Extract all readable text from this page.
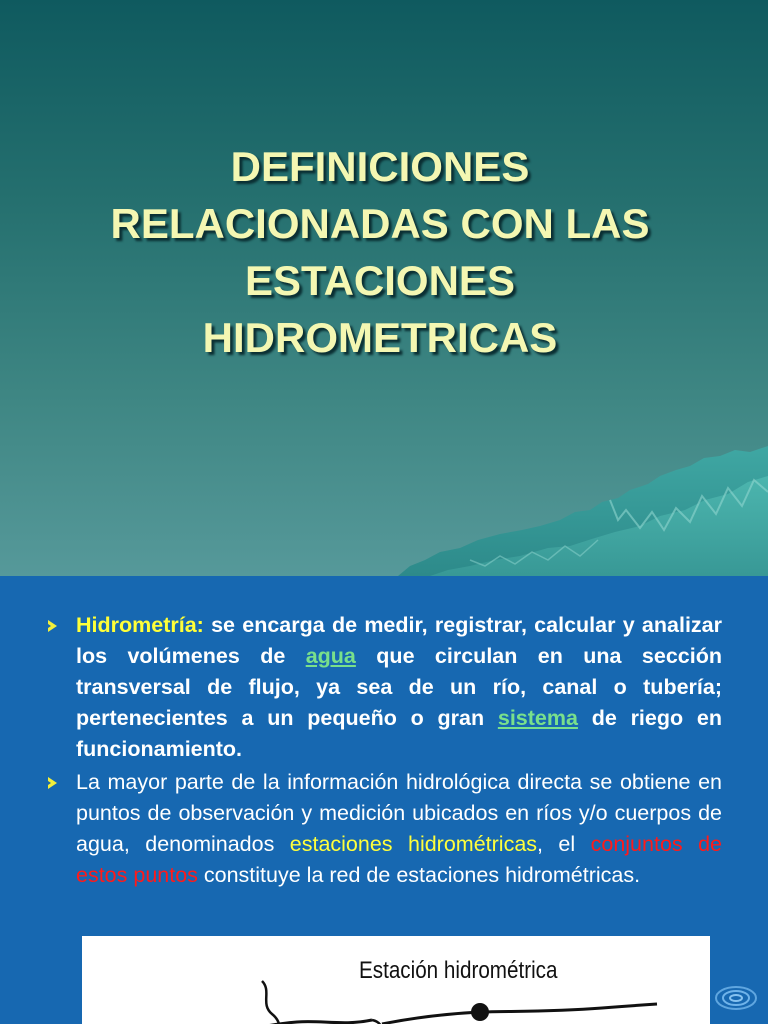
DEFINICIONES
RELACIONADAS CON LAS
ESTACIONES
HIDROMETRICAS
Hidrometría: se encarga de medir, registrar, calcular y analizar los volúmenes de agua que circulan en una sección transversal de flujo, ya sea de un río, canal o tubería; pertenecientes a un pequeño o gran sistema de riego en funcionamiento.
La mayor parte de la información hidrológica directa se obtiene en puntos de observación y medición ubicados en ríos y/o cuerpos de agua, denominados estaciones hidrométricas, el conjuntos de estos puntos constituye la red de estaciones hidrométricas.
Estación hidrométrica
